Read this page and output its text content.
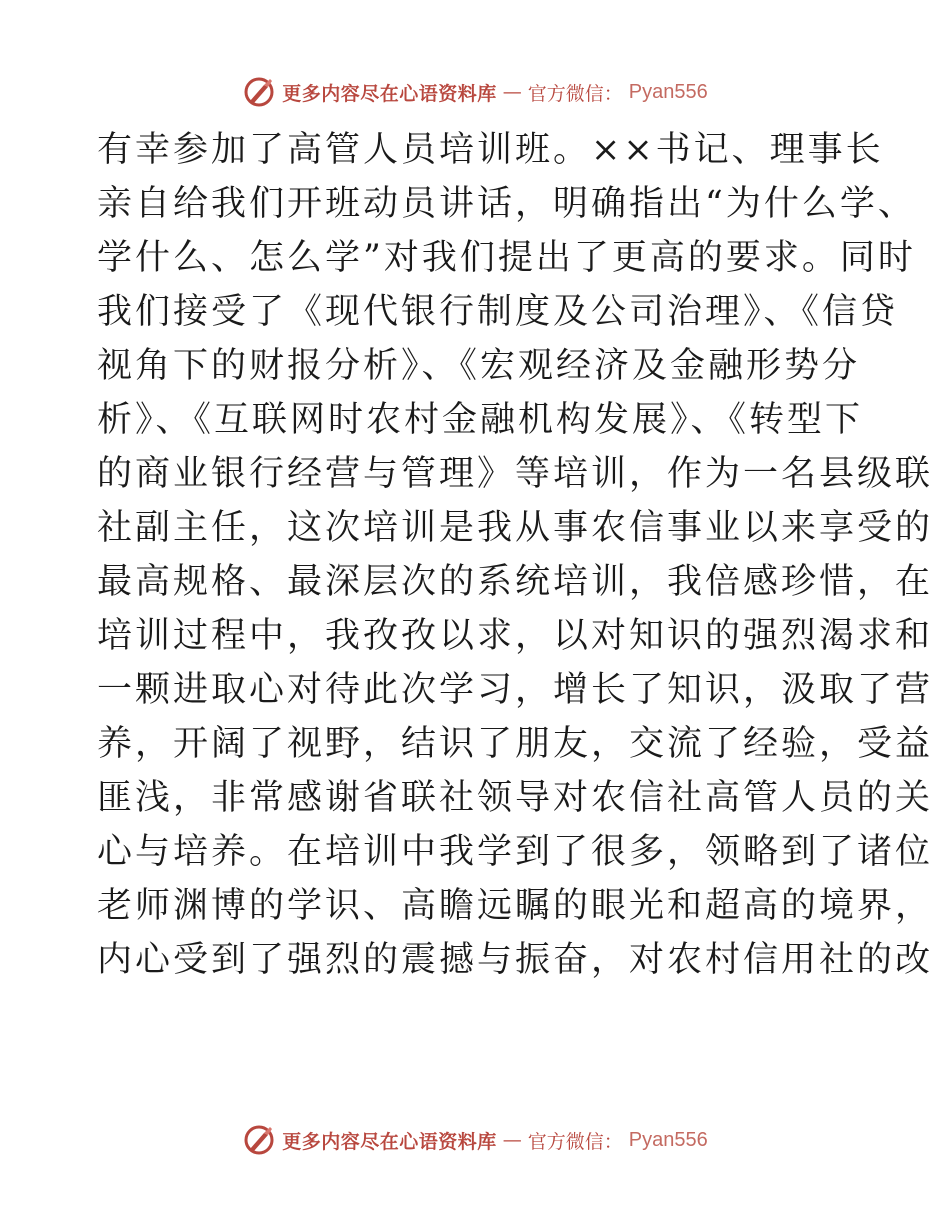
更多内容尽在心语资料库 — 官方微信： Pyan556
有幸参加了高管人员培训班。××书记、理事长
亲自给我们开班动员讲话，明确指出“为什么学、
学什么、怎么学”对我们提出了更高的要求。同时
我们接受了《现代银行制度及公司治理》、《信贷
视角下的财报分析》、《宏观经济及金融形势分
析》、《互联网时农村金融机构发展》、《转型下
的商业银行经营与管理》等培训，作为一名县级联
社副主任，这次培训是我从事农信事业以来享受的
最高规格、最深层次的系统培训，我倍感珍惜，在
培训过程中，我孜孜以求，以对知识的强烈渴求和
一颗进取心对待此次学习，增长了知识，汲取了营
养，开阔了视野，结识了朋友，交流了经验，受益
匪浅，非常感谢省联社领导对农信社高管人员的关
心与培养。在培训中我学到了很多，领略到了诸位
老师渊博的学识、高瞻远瞩的眼光和超高的境界，
内心受到了强烈的震撼与振奋，对农村信用社的改
更多内容尽在心语资料库 — 官方微信： Pyan556
